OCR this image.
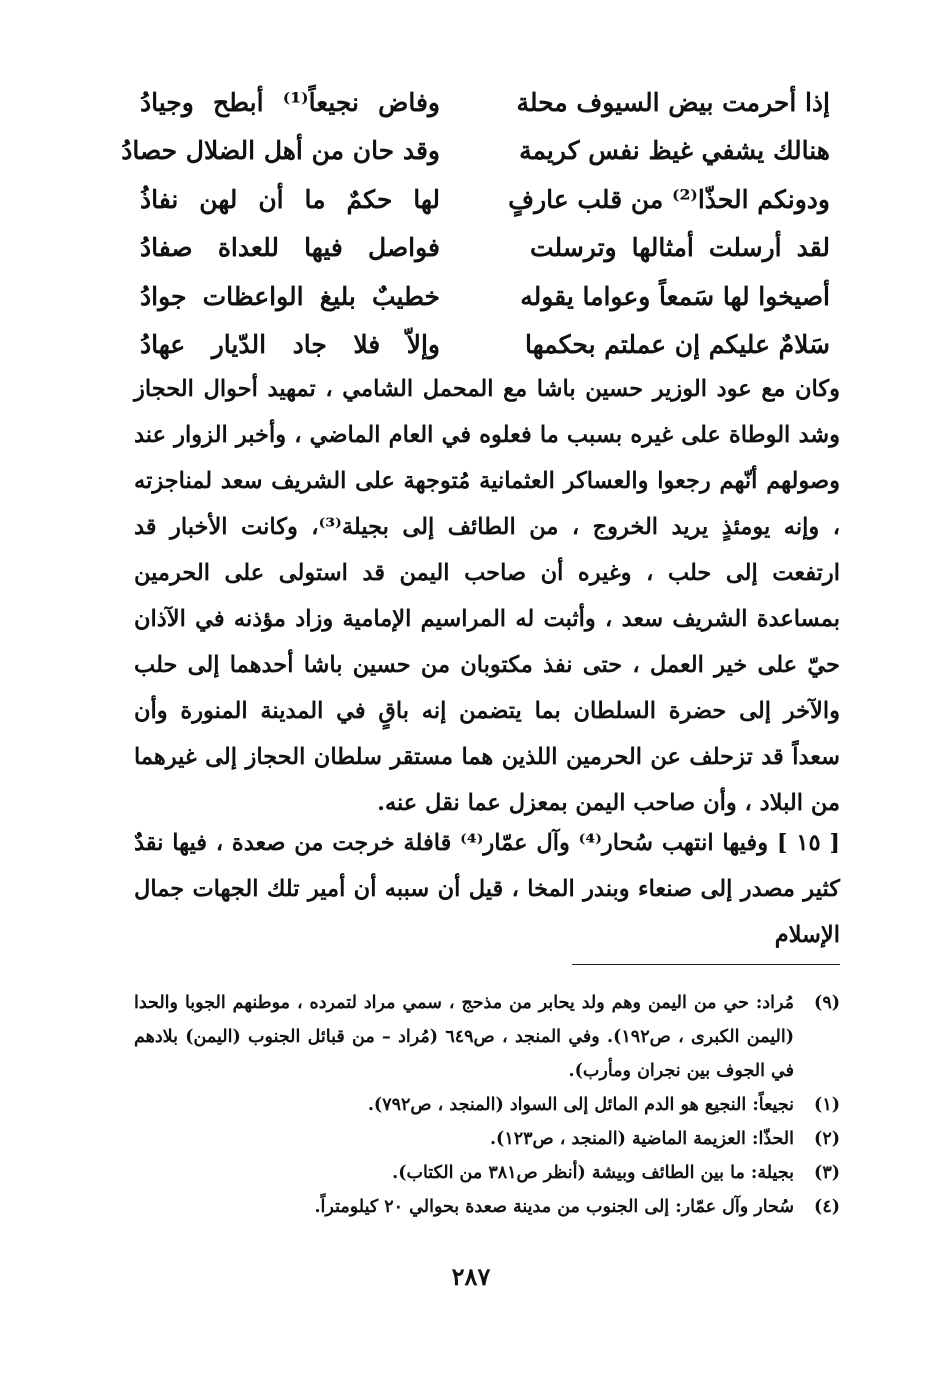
إذا أحرمت بيض السيوف محلة
وفاض نجيعاً⁽¹⁾ أبطح وجيادُ
هنالك يشفي غيظ نفس كريمة
وقد حان من أهل الضلال حصادُ
ودونكم الحذّا⁽²⁾ من قلب عارفٍ
لها حكمٌ ما أن لهن نفاذُ
لقد أرسلت أمثالها وترسلت
فواصل فيها للعداة صفادُ
أصيخوا لها سَمعاً وعواما يقوله
خطيبٌ بليغ الواعظات جوادُ
سَلامٌ عليكم إن عملتم بحكمها
وإلاّ فلا جاد الدّيار عهادُ
وكان مع عود الوزير حسين باشا مع المحمل الشامي ، تمهيد أحوال الحجاز وشد الوطاة على غيره بسبب ما فعلوه في العام الماضي ، وأخبر الزوار عند وصولهم أنّهم رجعوا والعساكر العثمانية مُتوجهة على الشريف سعد لمناجزته ، وإنه يومئذٍ يريد الخروج ، من الطائف إلى بجيلة⁽³⁾، وكانت الأخبار قد ارتفعت إلى حلب ، وغيره أن صاحب اليمن قد استولى على الحرمين بمساعدة الشريف سعد ، وأثبت له المراسيم الإمامية وزاد مؤذنه في الآذان حيّ على خير العمل ، حتى نفذ مكتوبان من حسين باشا أحدهما إلى حلب والآخر إلى حضرة السلطان بما يتضمن إنه باقٍ في المدينة المنورة وأن سعداً قد تزحلف عن الحرمين اللذين هما مستقر سلطان الحجاز إلى غيرهما من البلاد ، وأن صاحب اليمن بمعزل عما نقل عنه.
[ ١٥ ] وفيها انتهب سُحار⁽⁴⁾ وآل عمّار⁽⁴⁾ قافلة خرجت من صعدة ، فيها نقدٌ كثير مصدر إلى صنعاء وبندر المخا ، قيل أن سببه أن أمير تلك الجهات جمال الإسلام
(٩)
مُراد: حي من اليمن وهم ولد يحابر من مذحج ، سمي مراد لتمرده ، موطنهم الجوبا والحدا (اليمن الكبرى ، ص١٩٢). وفي المنجد ، ص٦٤٩ (مُراد – من قبائل الجنوب (اليمن) بلادهم في الجوف بين نجران ومأرب).
(١)
نجيعاً: النجيع هو الدم المائل إلى السواد (المنجد ، ص٧٩٢).
(٢)
الحذّا: العزيمة الماضية (المنجد ، ص١٢٣).
(٣)
بجيلة: ما بين الطائف وبيشة (أنظر ص٣٨١ من الكتاب).
(٤)
سُحار وآل عمّار: إلى الجنوب من مدينة صعدة بحوالي ٢٠ كيلومتراً.
٢٨٧
